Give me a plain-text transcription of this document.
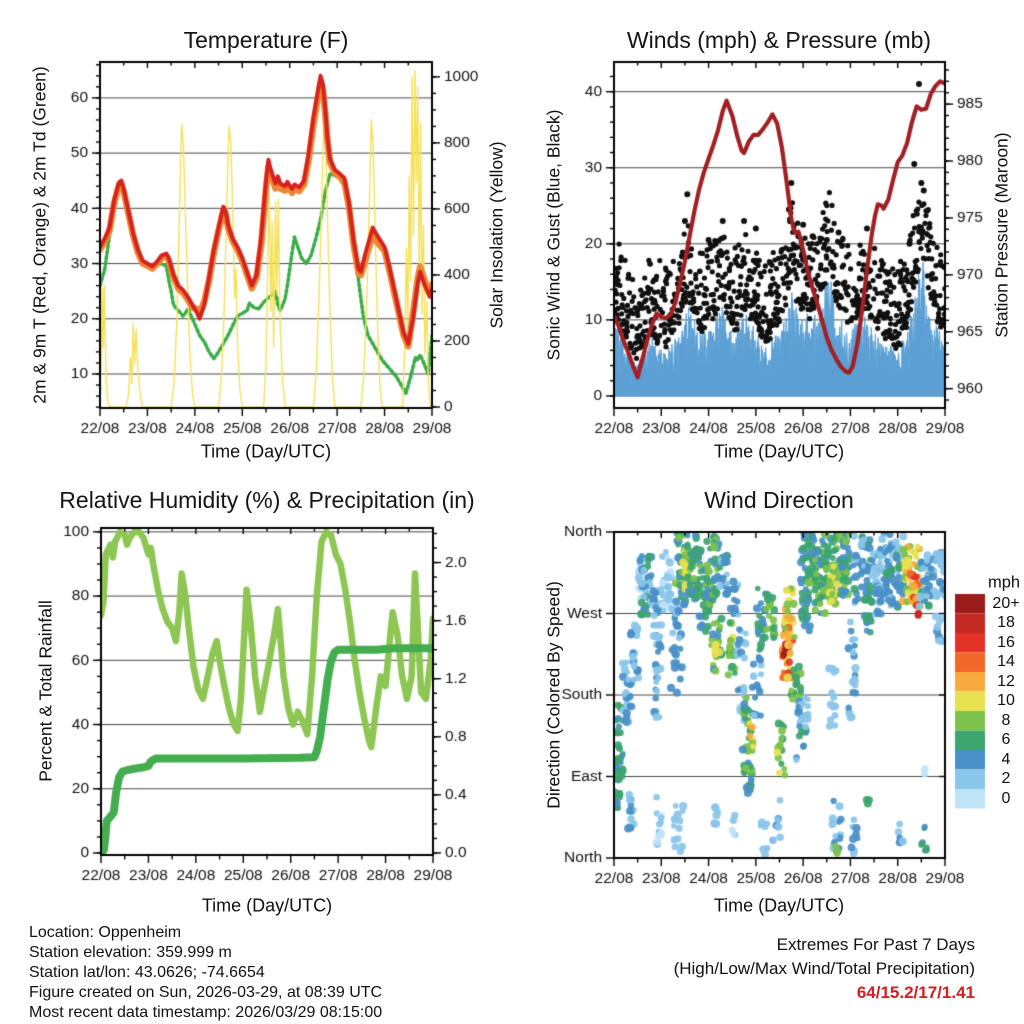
Temperature (F)	Winds (mph) & Pressure (mb)
Relative Humidity (%) & Precipitation (in)	Wind Direction
Time (Day/UTC)	Time (Day/UTC)
Time (Day/UTC)	Time (Day/UTC)
2m & 9m T (Red, Orange) & 2m Td (Green)	Solar Insolation (Yellow) Sonic Wind & Gust (Blue, Black)	Station Pressure (Maroon)
Percent & Total Rainfall	Direction (Colored By Speed)	mph
20+
18
16
14
12
10
8
6
4
2
0
Location: Oppenheim
Station elevation: 359.999 m
Station lat/lon: 43.0626; -74.6654
Figure created on Sun, 2026-03-29, at 08:39 UTC
Most recent data timestamp: 2026/03/29 08:15:00
Extremes For Past 7 Days
(High/Low/Max Wind/Total Precipitation)
64/15.2/17/1.41
